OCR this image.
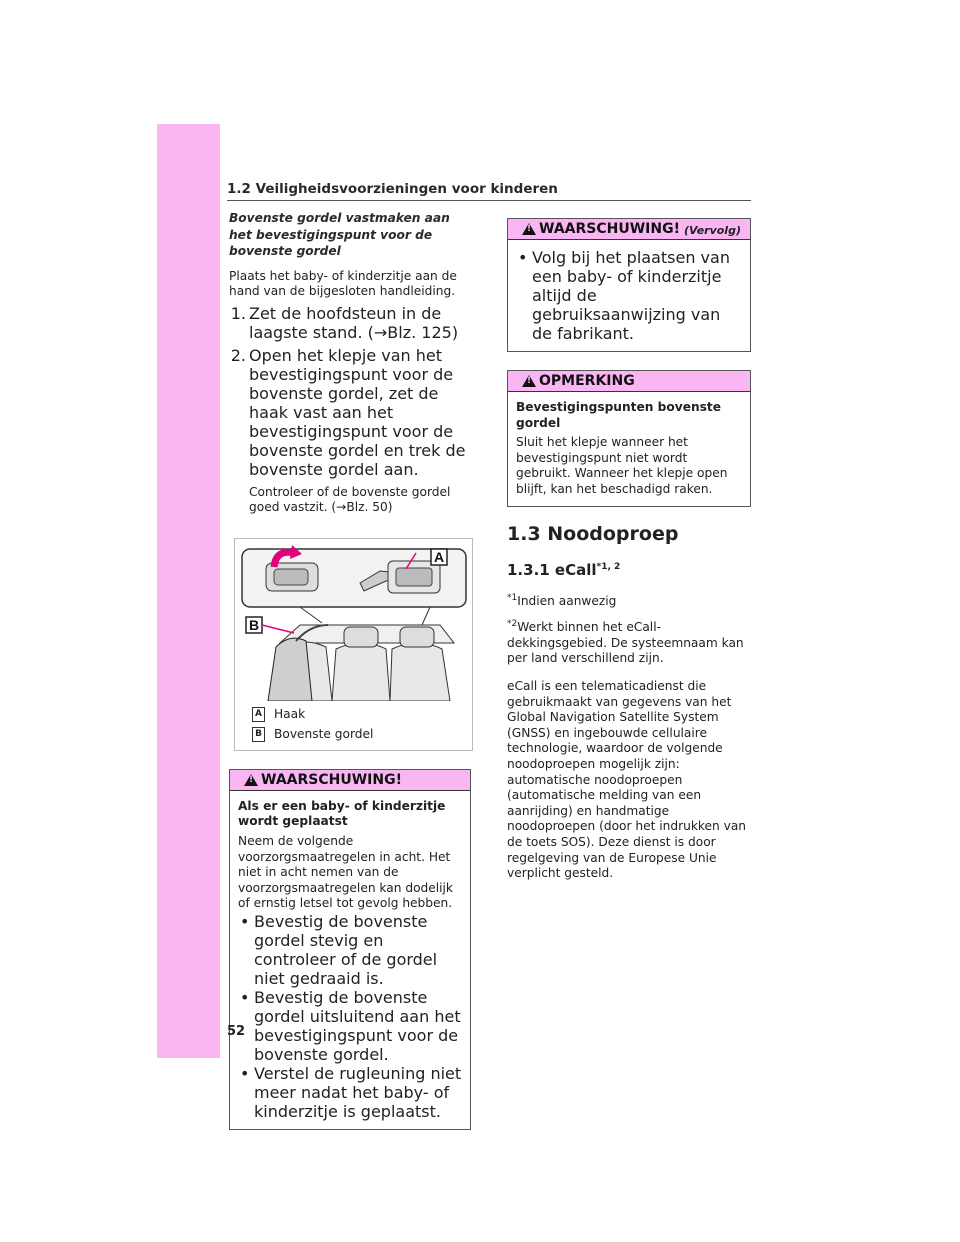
1.2 Veiligheidsvoorzieningen voor kinderen

Bovenste gordel vastmaken aan het bevestigingspunt voor de bovenste gordel

Plaats het baby- of kinderzitje aan de hand van de bijgesloten handleiding.

1. Zet de hoofdsteun in de laagste stand. (→Blz. 125)
2. Open het klepje van het bevestigingspunt voor de bovenste gordel, zet de haak vast aan het bevestigingspunt voor de bovenste gordel en trek de bovenste gordel aan.

Controleer of de bovenste gordel goed vastzit. (→Blz. 50)

A
B
A Haak
B Bovenste gordel
!
WAARSCHUWING!

Als er een baby- of kinderzitje wordt geplaatst

Neem de volgende voorzorgsmaatregelen in acht. Het niet in acht nemen van de voorzorgsmaatregelen kan dodelijk of ernstig letsel tot gevolg hebben.

• Bevestig de bovenste gordel stevig en controleer of de gordel niet gedraaid is.
• Bevestig de bovenste gordel uitsluitend aan het bevestigingspunt voor de bovenste gordel.
• Verstel de rugleuning niet meer nadat het baby- of kinderzitje is geplaatst.
!
WAARSCHUWING! (Vervolg)
• Volg bij het plaatsen van een baby- of kinderzitje altijd de gebruiksaanwijzing van de fabrikant.
!
OPMERKING

Bevestigingspunten bovenste gordel

Sluit het klepje wanneer het bevestigingspunt niet wordt gebruikt. Wanneer het klepje open blijft, kan het beschadigd raken.

1.3 Noodoproep
1.3.1 eCall$^{*1, 2}$

$^{*1}$Indien aanwezig

$^{*2}$Werkt binnen het eCall-dekkingsgebied. De systeemnaam kan per land verschillend zijn.

eCall is een telematicadienst die gebruikmaakt van gegevens van het Global Navigation Satellite System (GNSS) en ingebouwde cellulaire technologie, waardoor de volgende noodoproepen mogelijk zijn: automatische noodoproepen (automatische melding van een aanrijding) en handmatige noodoproepen (door het indrukken van de toets SOS). Deze dienst is door regelgeving van de Europese Unie verplicht gesteld.

52
